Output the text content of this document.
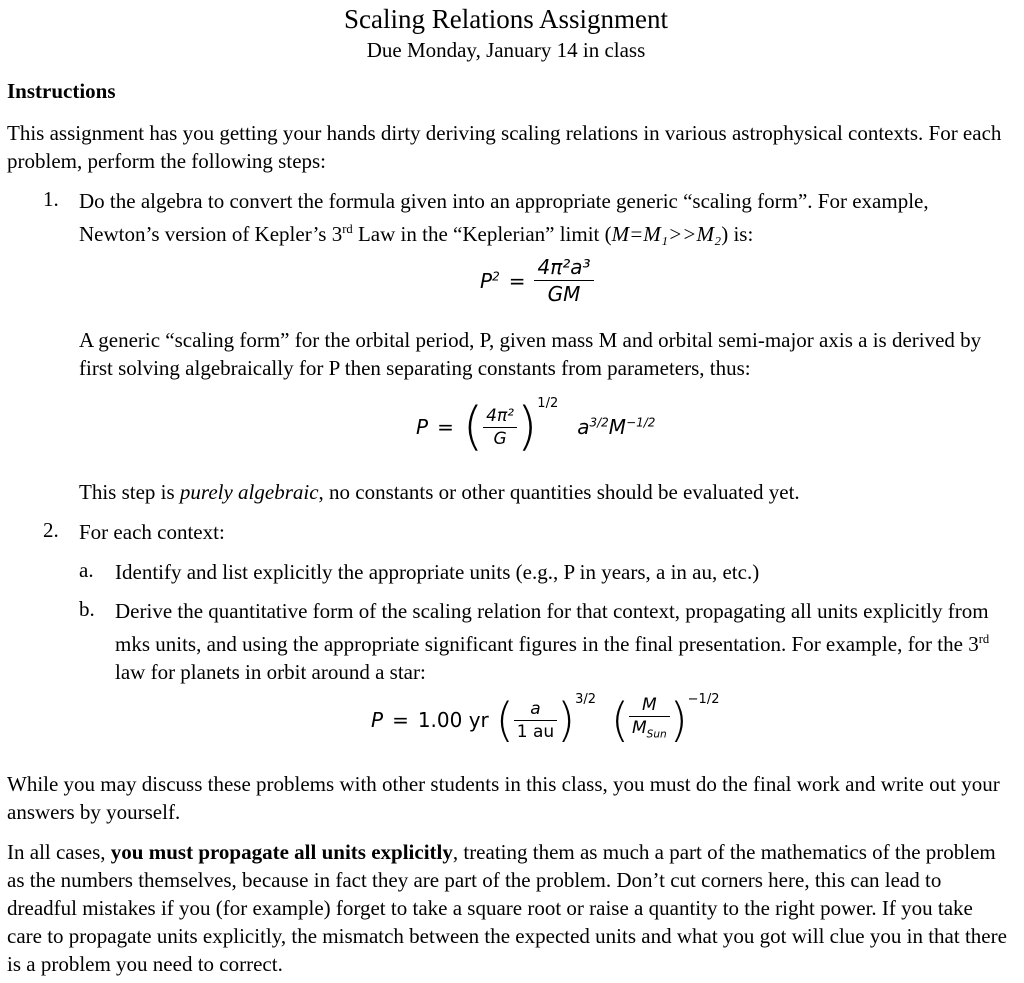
Scaling Relations Assignment
Due Monday, January 14 in class
Instructions
This assignment has you getting your hands dirty deriving scaling relations in various astrophysical contexts. For each problem, perform the following steps:
1. Do the algebra to convert the formula given into an appropriate generic “scaling form”. For example, Newton’s version of Kepler’s 3rd Law in the “Keplerian” limit (M=M₁>>M₂) is:
$P^2 = \frac{\text{4π²a³}}{GM}$
A generic “scaling form” for the orbital period, P, given mass M and orbital semi-major axis a is derived by first solving algebraically for P then separating constants from parameters, thus:
P = ( $\frac{\text{4π²}}{G} )^{1/2}$ $a^{3/2}M^{-1/2}$
This step is purely algebraic, no constants or other quantities should be evaluated yet.
2. For each context:
a. Identify and list explicitly the appropriate units (e.g., P in years, a in au, etc.)
b. Derive the quantitative form of the scaling relation for that context, propagating all units explicitly from mks units, and using the appropriate significant figures in the final presentation. For example, for the 3rd law for planets in orbit around a star:
P = 1.00 yr ( $\frac{a}{1 au} )^{3/2}$ ( $\frac{M}{M_{Sun}} )^{-1/2}$
While you may discuss these problems with other students in this class, you must do the final work and write out your answers by yourself.
In all cases, you must propagate all units explicitly, treating them as much a part of the mathematics of the problem as the numbers themselves, because in fact they are part of the problem. Don’t cut corners here, this can lead to dreadful mistakes if you (for example) forget to take a square root or raise a quantity to the right power. If you take care to propagate units explicitly, the mismatch between the expected units and what you got will clue you in that there is a problem you need to correct.
